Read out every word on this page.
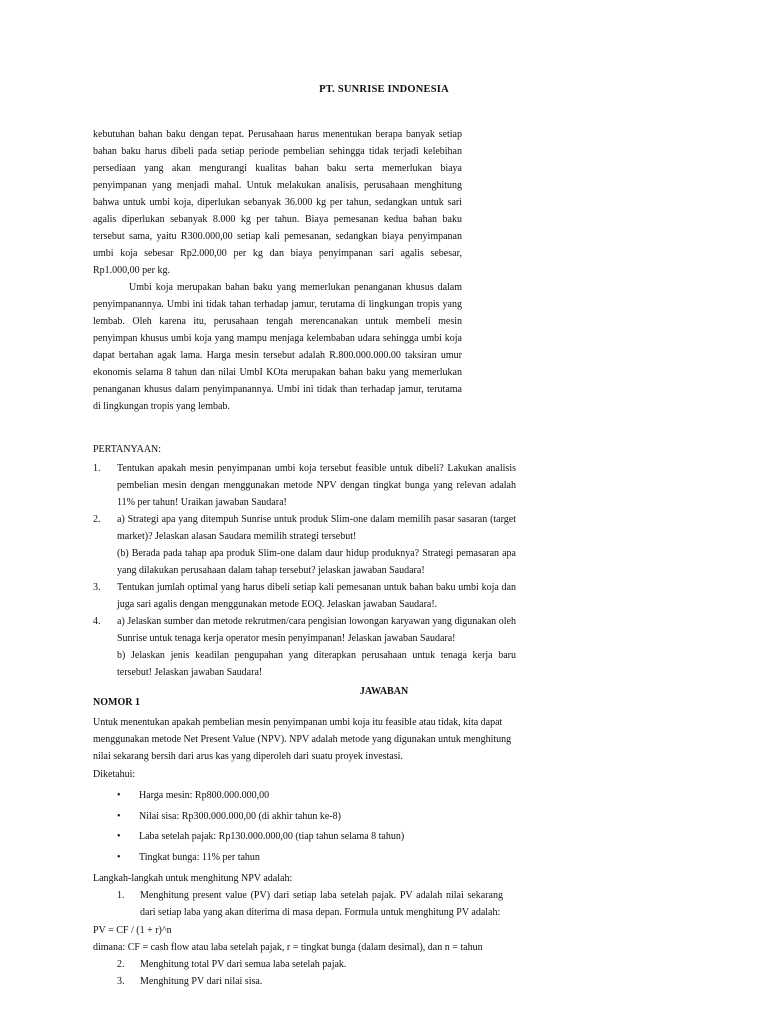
PT. SUNRISE INDONESIA

kebutuhan bahan baku dengan tepat. Perusahaan harus menentukan berapa banyak setiap bahan baku harus dibeli pada setiap periode pembelian sehingga tidak terjadi kelebihan persediaan yang akan mengurangi kualitas bahan baku serta memerlukan biaya penyimpanan yang menjadi mahal. Untuk melakukan analisis, perusahaan menghitung bahwa untuk umbi koja, diperlukan sebanyak 36.000 kg per tahun, sedangkan untuk sari agalis diperlukan sebanyak 8.000 kg per tahun. Biaya pemesanan kedua bahan baku tersebut sama, yaitu R300.000,00 setiap kali pemesanan, sedangkan biaya penyimpanan umbi koja sebesar Rp2.000,00 per kg dan biaya penyimpanan sari agalis sebesar, Rp1.000,00 per kg.

Umbi koja merupakan bahan baku yang memerlukan penanganan khusus dalam penyimpanannya. Umbi ini tidak tahan terhadap jamur, terutama di lingkungan tropis yang lembab. Oleh karena itu, perusahaan tengah merencanakan untuk membeli mesin penyimpan khusus umbi koja yang mampu menjaga kelembaban udara sehingga umbi koja dapat bertahan agak lama. Harga mesin tersebut adalah R.800.000.000.00 taksiran umur ekonomis selama 8 tahun dan nilai UmbI KOta merupakan bahan baku yang memerlukan penanganan khusus dalam penyimpanannya. Umbi ini tidak than terhadap jamur, terutama di lingkungan tropis yang lembab.

PERTANYAAN:
1. Tentukan apakah mesin penyimpanan umbi koja tersebut feasible untuk dibeli? Lakukan analisis pembelian mesin dengan menggunakan metode NPV dengan tingkat bunga yang relevan adalah 11% per tahun! Uraikan jawaban Saudara!

2. a) Strategi apa yang ditempuh Sunrise untuk produk Slim-one dalam memilih pasar sasaran (target market)? Jelaskan alasan Saudara memilih strategi tersebut!

(b) Berada pada tahap apa produk Slim-one dalam daur hidup produknya? Strategi pemasaran apa yang dilakukan perusahaan dalam tahap tersebut? jelaskan jawaban Saudara!

3. Tentukan jumlah optimal yang harus dibeli setiap kali pemesanan untuk bahan baku umbi koja dan juga sari agalis dengan menggunakan metode EOQ. Jelaskan jawaban Saudara!.

4. a) Jelaskan sumber dan metode rekrutmen/cara pengisian lowongan karyawan yang digunakan oleh Sunrise untuk tenaga kerja operator mesin penyimpanan! Jelaskan jawaban Saudara!

b) Jelaskan jenis keadilan pengupahan yang diterapkan perusahaan untuk tenaga kerja baru tersebut! Jelaskan jawaban Saudara!

JAWABAN
NOMOR 1

Untuk menentukan apakah pembelian mesin penyimpanan umbi koja itu feasible atau tidak, kita dapat menggunakan metode Net Present Value (NPV). NPV adalah metode yang digunakan untuk menghitung nilai sekarang bersih dari arus kas yang diperoleh dari suatu proyek investasi.

Diketahui:

• Harga mesin: Rp800.000.000,00
• Nilai sisa: Rp300.000.000,00 (di akhir tahun ke-8)
• Laba setelah pajak: Rp130.000.000,00 (tiap tahun selama 8 tahun)
• Tingkat bunga: 11% per tahun

Langkah-langkah untuk menghitung NPV adalah:

1. Menghitung present value (PV) dari setiap laba setelah pajak. PV adalah nilai sekarang dari setiap laba yang akan diterima di masa depan. Formula untuk menghitung PV adalah:

PV = CF / (1 + r)^n

dimana: CF = cash flow atau laba setelah pajak, r = tingkat bunga (dalam desimal), dan n = tahun

2. Menghitung total PV dari semua laba setelah pajak.
3. Menghitung PV dari nilai sisa.
